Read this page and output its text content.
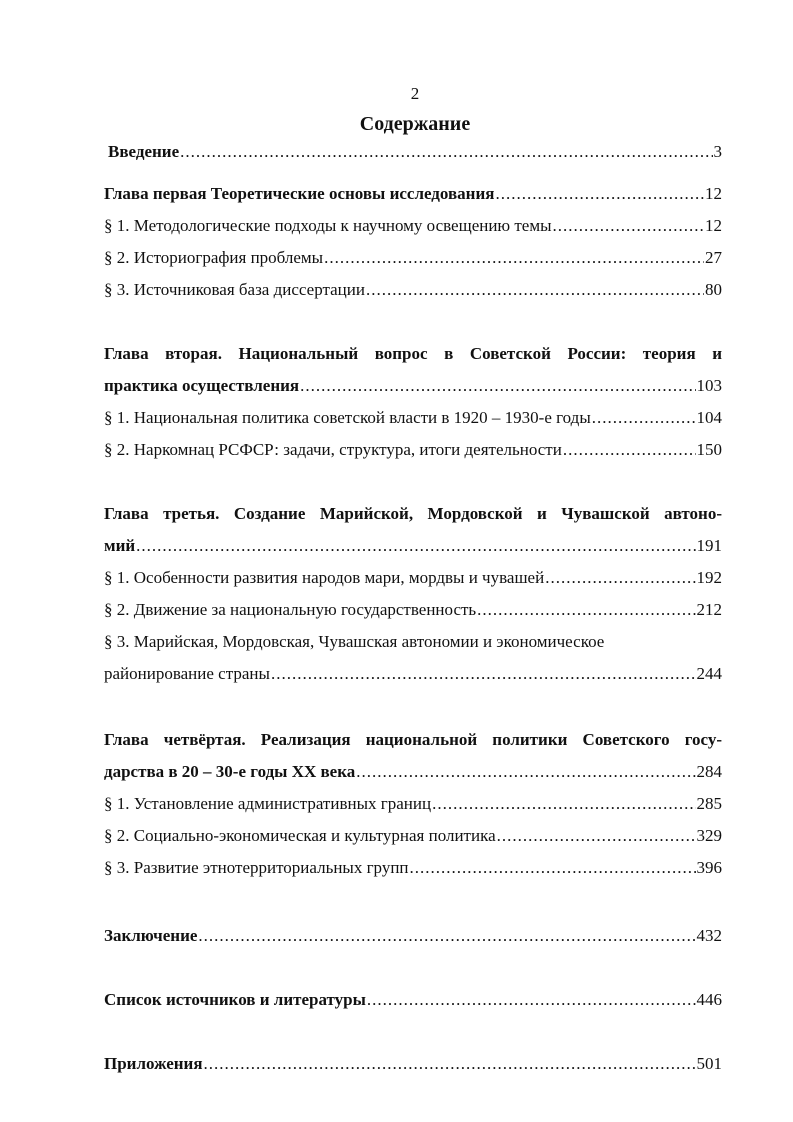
2
Содержание
Введение .....	3
Глава первая Теоретические основы исследования .....	12
§ 1. Методологические подходы к научному освещению темы .....	12
§ 2. Историография проблемы .....	27
§ 3. Источниковая база диссертации .....	80
Глава вторая. Национальный вопрос в Советской России: теория и
практика осуществления .....	103
§ 1. Национальная политика советской власти в 1920 – 1930-е годы .....	104
§ 2. Наркомнац РСФСР: задачи, структура, итоги деятельности .....	150
Глава третья. Создание Марийской, Мордовской и Чувашской автоно-
мий .....	191
§ 1. Особенности развития народов мари, мордвы и чувашей .....	192
§ 2. Движение за национальную государственность .....	212
§ 3. Марийская, Мордовская, Чувашская автономии и экономическое
районирование страны .....	244
Глава четвёртая. Реализация национальной политики Советского госу-
дарства в 20 – 30-е годы XX века .....	284
§ 1. Установление административных границ .....	285
§ 2. Социально-экономическая и культурная политика .....	329
§ 3. Развитие этнотерриториальных групп .....	396
Заключение .....	432
Список источников и литературы .....	446
Приложения .....	501
